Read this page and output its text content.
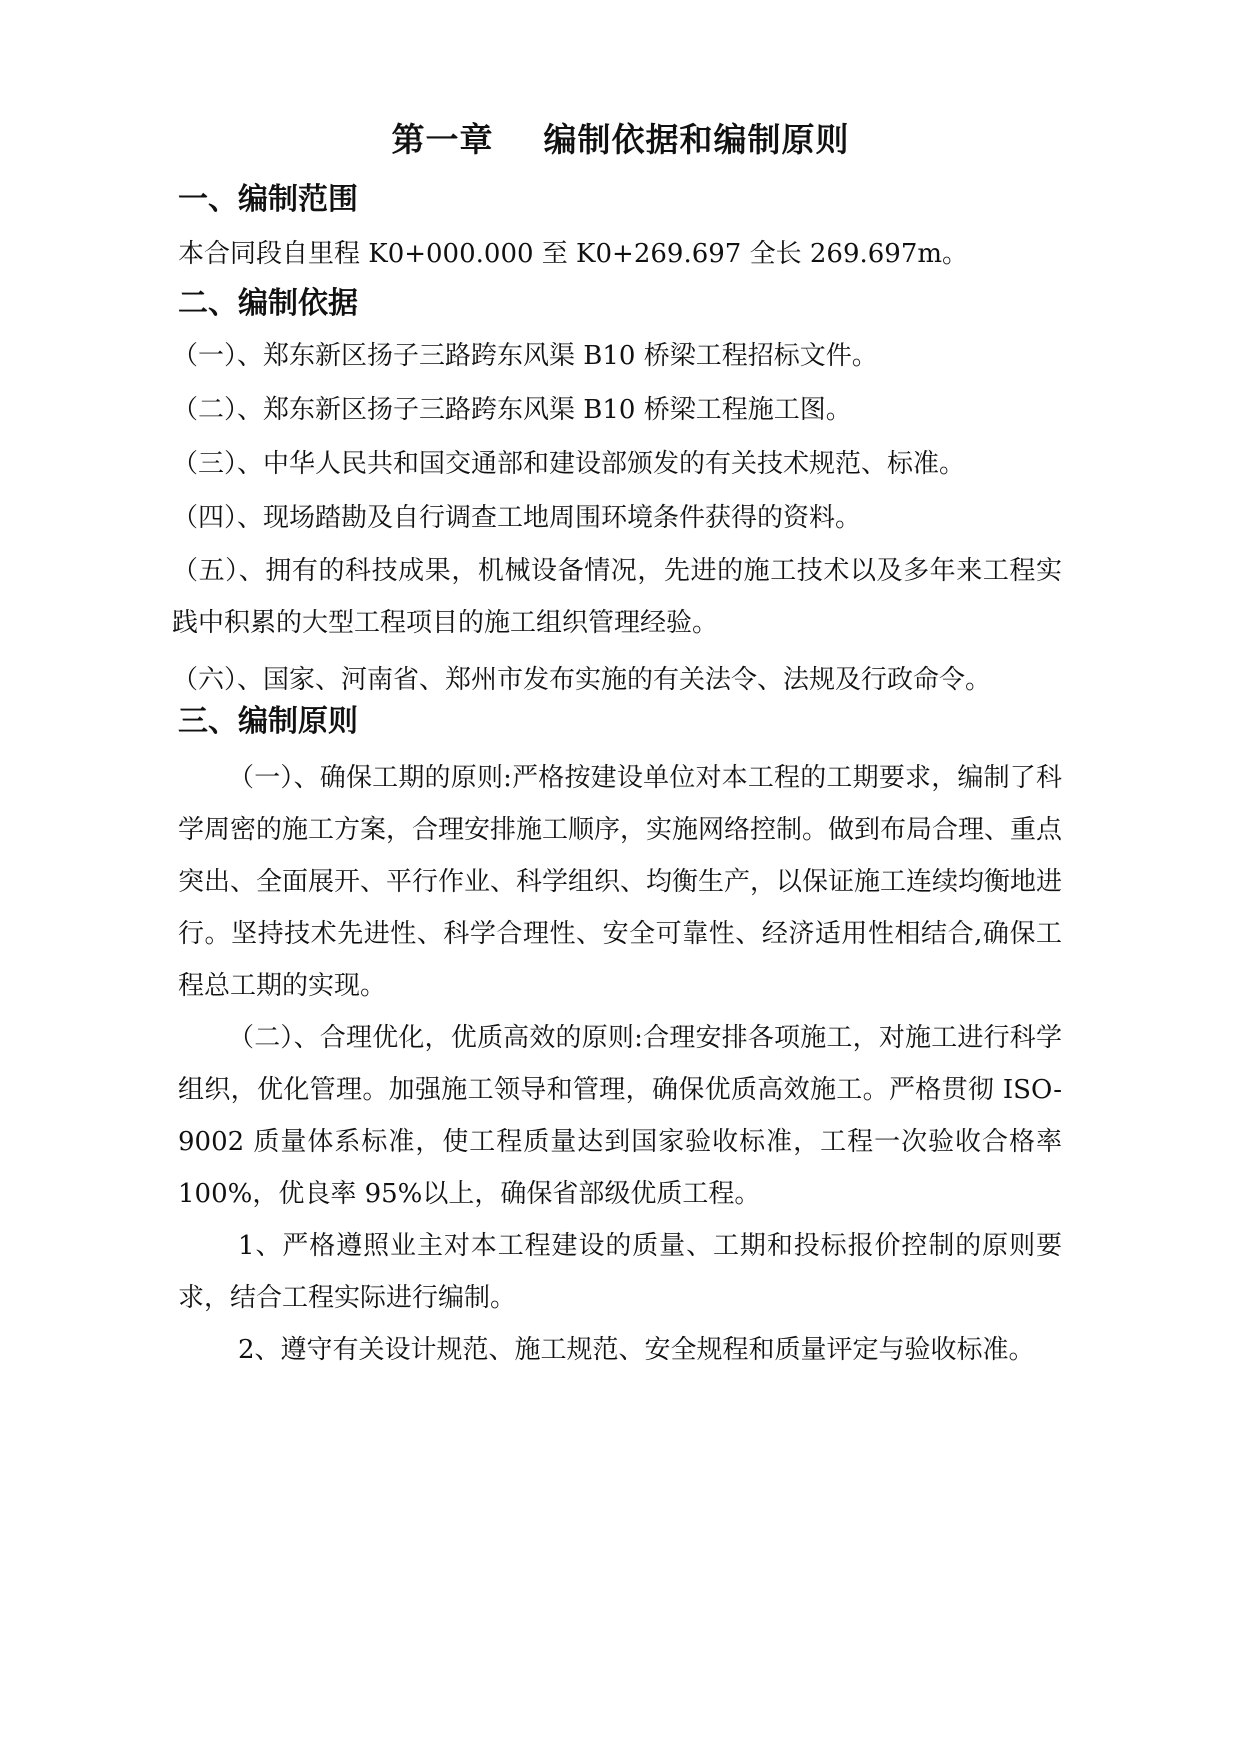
第一章    编制依据和编制原则
一、编制范围
本合同段自里程 K0+000.000 至 K0+269.697 全长 269.697m。
二、编制依据
（一）、郑东新区扬子三路跨东风渠 B10 桥梁工程招标文件。
（二）、郑东新区扬子三路跨东风渠 B10 桥梁工程施工图。
（三）、中华人民共和国交通部和建设部颁发的有关技术规范、标准。
（四）、现场踏勘及自行调查工地周围环境条件获得的资料。
（五）、拥有的科技成果，机械设备情况，先进的施工技术以及多年来工程实践中积累的大型工程项目的施工组织管理经验。
（六）、国家、河南省、郑州市发布实施的有关法令、法规及行政命令。
三、编制原则
（一）、确保工期的原则:严格按建设单位对本工程的工期要求，编制了科学周密的施工方案，合理安排施工顺序，实施网络控制。做到布局合理、重点突出、全面展开、平行作业、科学组织、均衡生产，以保证施工连续均衡地进行。坚持技术先进性、科学合理性、安全可靠性、经济适用性相结合,确保工程总工期的实现。
（二）、合理优化，优质高效的原则:合理安排各项施工，对施工进行科学组织，优化管理。加强施工领导和管理，确保优质高效施工。严格贯彻 ISO-9002 质量体系标准，使工程质量达到国家验收标准，工程一次验收合格率 100%，优良率 95%以上，确保省部级优质工程。
1、严格遵照业主对本工程建设的质量、工期和投标报价控制的原则要求，结合工程实际进行编制。
2、遵守有关设计规范、施工规范、安全规程和质量评定与验收标准。
